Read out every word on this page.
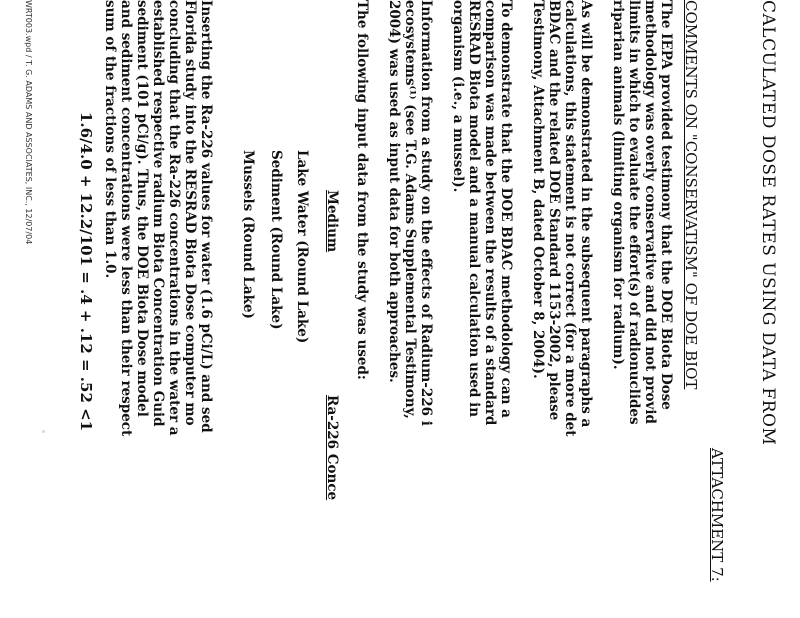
CALCULATED DOSE RATES USING DATA FROM
ATTACHMENT 7:
COMMENTS ON "CONSERVATISM" OF DOE BIOT
The IEPA provided testimony that the DOE Biota Dose
methodology was overly conservative and did not provid
limits in which to evaluate the effort(s) of radionuclides
riparian animals (limiting organism for radium).
As will be demonstrated in the subsequent paragraphs a
calculations, this statement is not correct (for a more det
BDAC and the related DOE Standard 1153-2002, please
Testimony, Attachment B, dated October 8, 2004).
To demonstrate that the DOE BDAC methodology can a
comparison was made between the results of a standard
RESRAD Biota model and a manual calculation used in
organism (i.e., a mussel).
Information from a study on the effects of Radium-226 i
ecosystems⁽¹⁾ (see T.G. Adams Supplemental Testimony,
2004) was used as input data for both approaches.
The following input data from the study was used:
Medium
Ra-226 Conce
Lake Water (Round Lake)
Sediment (Round Lake)
Mussels (Round Lake)
Inserting the Ra-226 values for water (1.6 pCi/L) and sed
Florida study into the RESRAD Biota Dose computer mo
concluding that the Ra-226 concentrations in the water a
established respective radium Biota Concentration Guid
sediment (101 pCi/g). Thus, the DOE Biota Dose model
and sediment concentrations were less than their respect
sum of the fractions of less than 1.0.
1.6/4.0 + 12.2/101 = .4 + .12 = .52 <1
WRT003.wpd / T. G. ADAMS AND ASSOCIATES, INC., 12/07/04
